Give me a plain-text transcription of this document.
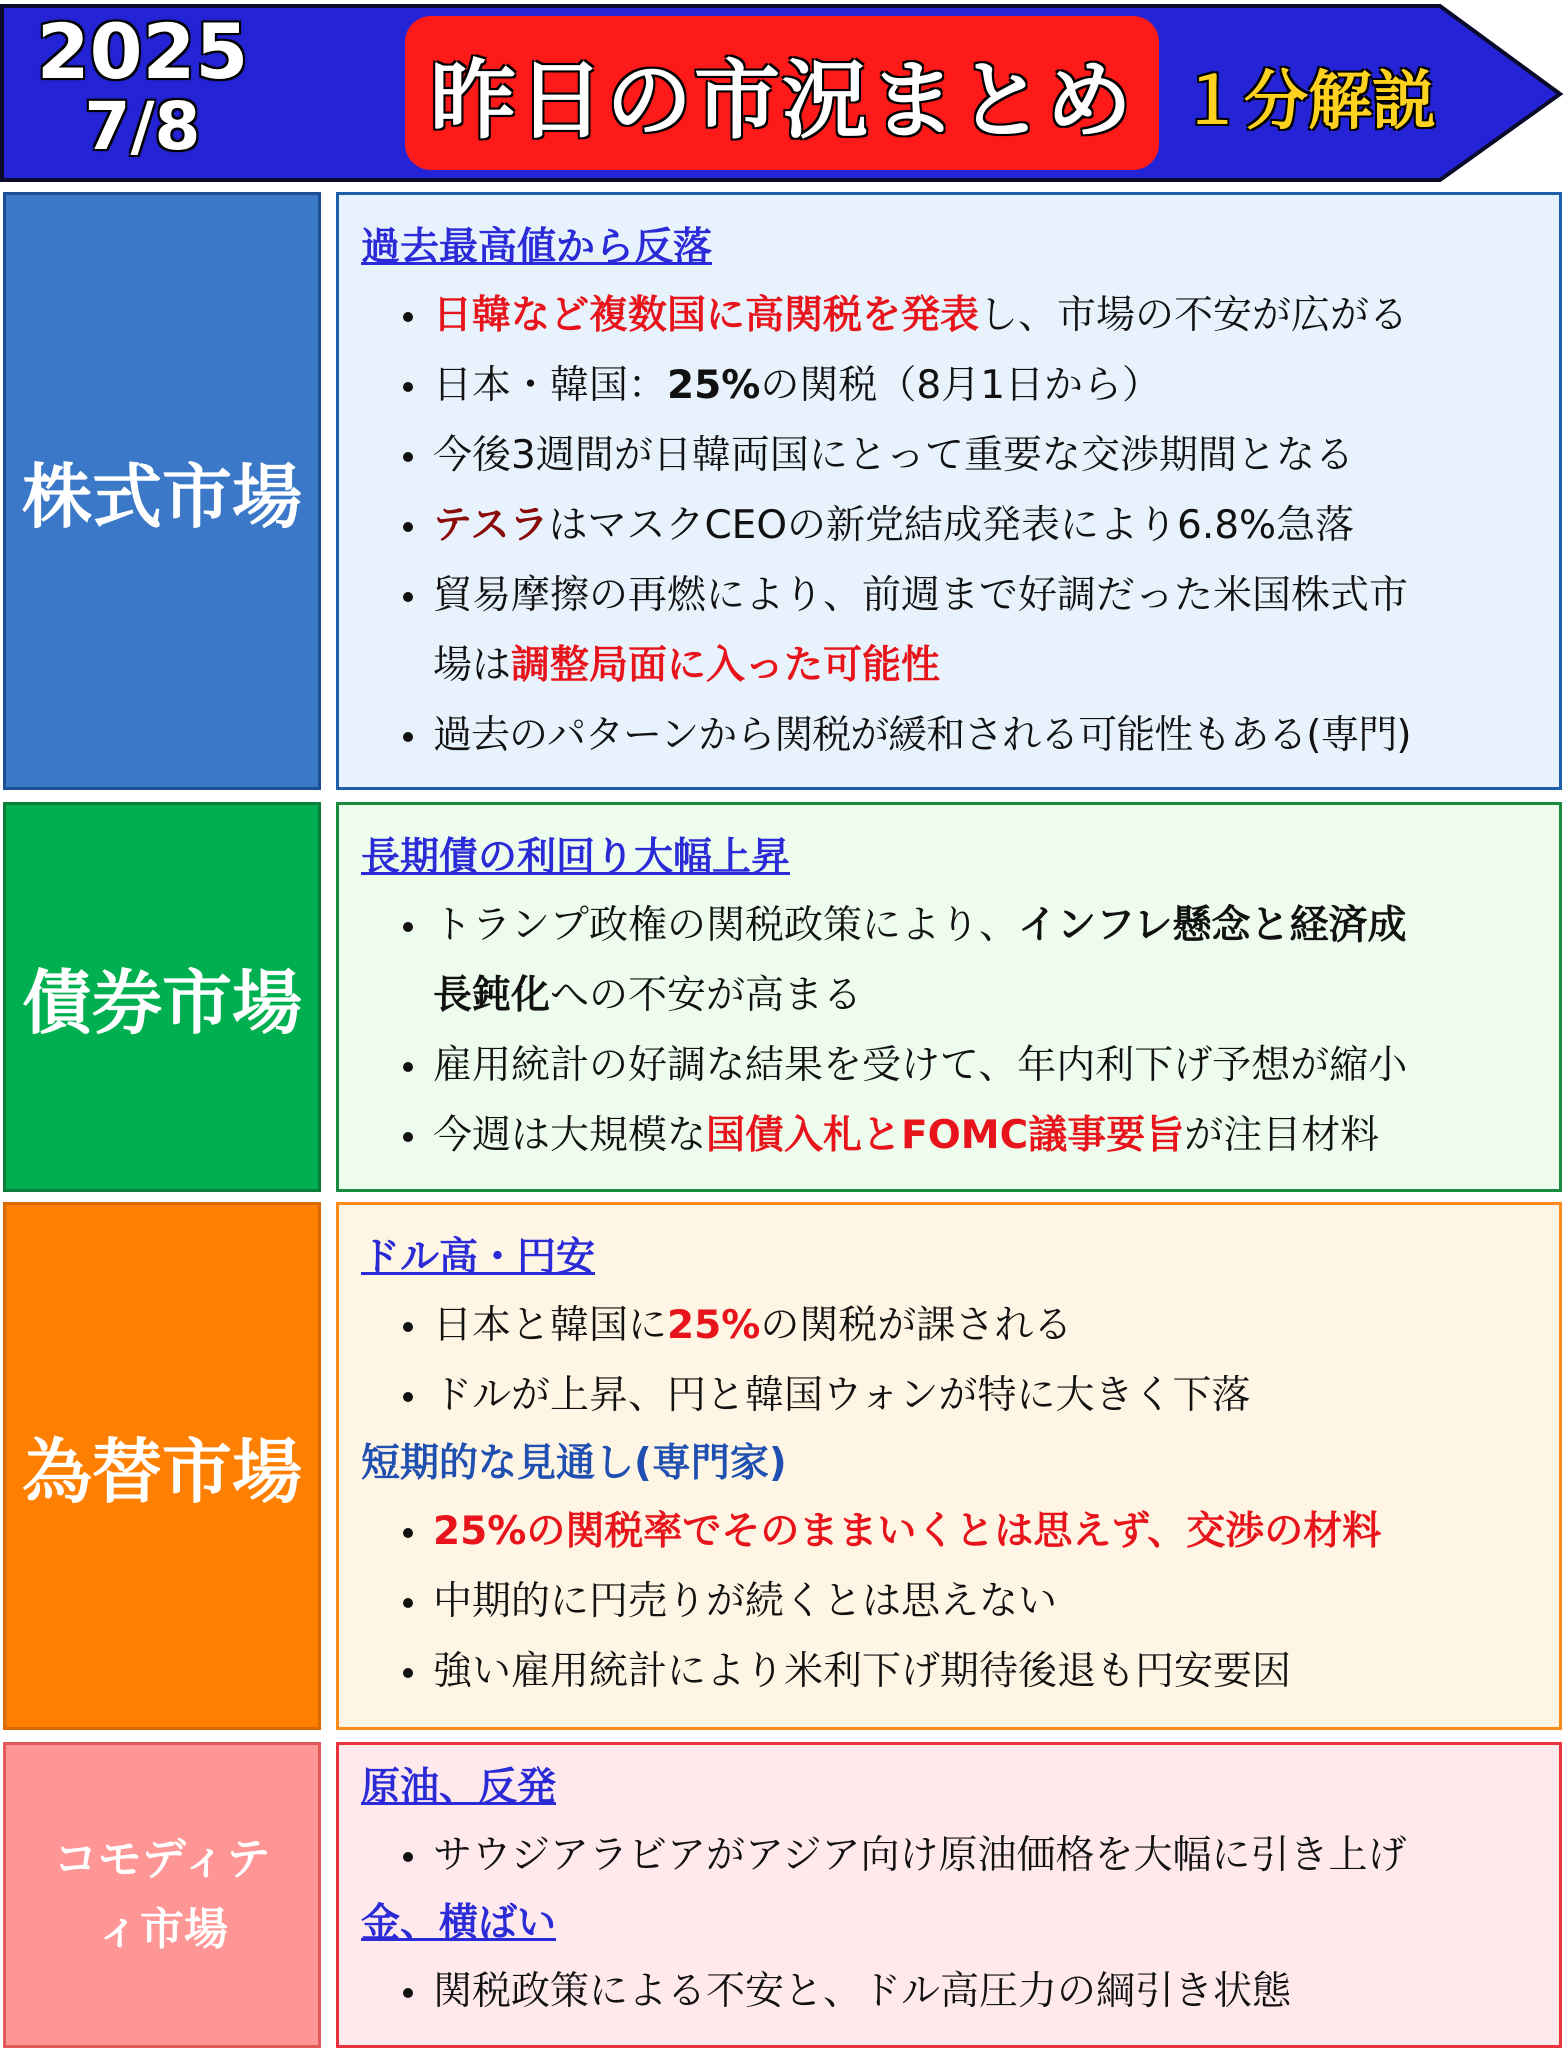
2025
7/8	昨日の市況まとめ １分解説
株式市場
過去最高値から反落
日韓など複数国に高関税を発表し、市場の不安が広がる
日本・韓国：25%の関税（8月1日から）
今後3週間が日韓両国にとって重要な交渉期間となる
テスラはマスクCEOの新党結成発表により6.8%急落
貿易摩擦の再燃により、前週まで好調だった米国株式市
場は調整局面に入った可能性
過去のパターンから関税が緩和される可能性もある(専門)
債券市場
長期債の利回り大幅上昇
トランプ政権の関税政策により、インフレ懸念と経済成
長鈍化への不安が高まる
雇用統計の好調な結果を受けて、年内利下げ予想が縮小
今週は大規模な国債入札とFOMC議事要旨が注目材料
為替市場
ドル高・円安
日本と韓国に25%の関税が課される
ドルが上昇、円と韓国ウォンが特に大きく下落
短期的な見通し(専門家)
25%の関税率でそのままいくとは思えず、交渉の材料
中期的に円売りが続くとは思えない
強い雇用統計により米利下げ期待後退も円安要因
コモディテ
ィ市場
原油、反発
サウジアラビアがアジア向け原油価格を大幅に引き上げ
金、横ばい
関税政策による不安と、ドル高圧力の綱引き状態
